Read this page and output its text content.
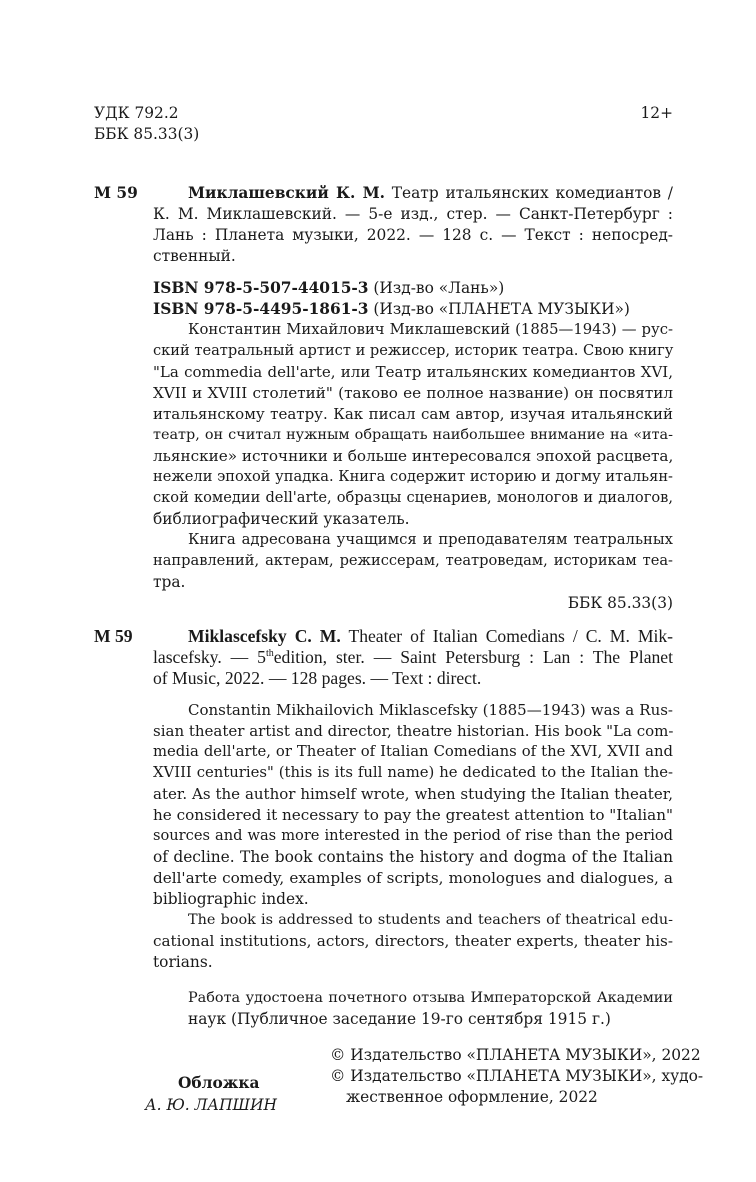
УДК 792.2
ББК 85.33(3)
12+
М 59	Миклашевский К. М. Театр итальянских комедиантов /
К. М. Миклашевский. — 5-е изд., стер. — Санкт-Петербург :
Лань : Планета музыки, 2022. — 128 с. — Текст : непосред-
ственный.
ISBN 978-5-507-44015-3 (Изд-во «Лань»)
ISBN 978-5-4495-1861-3 (Изд-во «ПЛАНЕТА МУЗЫКИ»)
Константин Михайлович Миклашевский (1885—1943) — рус-
ский театральный артист и режиссер, историк театра. Свою книгу
"La commedia dell'arte, или Театр итальянских комедиантов XVI,
XVII и XVIII столетий" (таково ее полное название) он посвятил
итальянскому театру. Как писал сам автор, изучая итальянский
театр, он считал нужным обращать наибольшее внимание на «ита-
льянские» источники и больше интересовался эпохой расцвета,
нежели эпохой упадка. Книга содержит историю и догму итальян-
ской комедии dell'arte, образцы сценариев, монологов и диалогов,
библиографический указатель.
Книга адресована учащимся и преподавателям театральных
направлений, актерам, режиссерам, театроведам, историкам теа-
тра.
ББК 85.33(3)
M 59	Miklascefsky C. M. Theater of Italian Comedians / C. M. Mik-
lascefsky. — 5thedition, ster. — Saint Petersburg : Lan : The Planet
of Music, 2022. — 128 pages. — Text : direct.
Constantin Mikhailovich Miklascefsky (1885—1943) was a Rus-
sian theater artist and director, theatre historian. His book "La com-
media dell'arte, or Theater of Italian Comedians of the XVI, XVII and
XVIII centuries" (this is its full name) he dedicated to the Italian the-
ater. As the author himself wrote, when studying the Italian theater,
he considered it necessary to pay the greatest attention to "Italian"
sources and was more interested in the period of rise than the period
of decline. The book contains the history and dogma of the Italian
dell'arte comedy, examples of scripts, monologues and dialogues, a
bibliographic index.
The book is addressed to students and teachers of theatrical edu-
cational institutions, actors, directors, theater experts, theater his-
torians.
Работа удостоена почетного отзыва Императорской Академии
наук (Публичное заседание 19-го сентября 1915 г.)
© Издательство «ПЛАНЕТА МУЗЫКИ», 2022
© Издательство «ПЛАНЕТА МУЗЫКИ», худо-
жественное оформление, 2022
Обложка
А. Ю. ЛАПШИН
